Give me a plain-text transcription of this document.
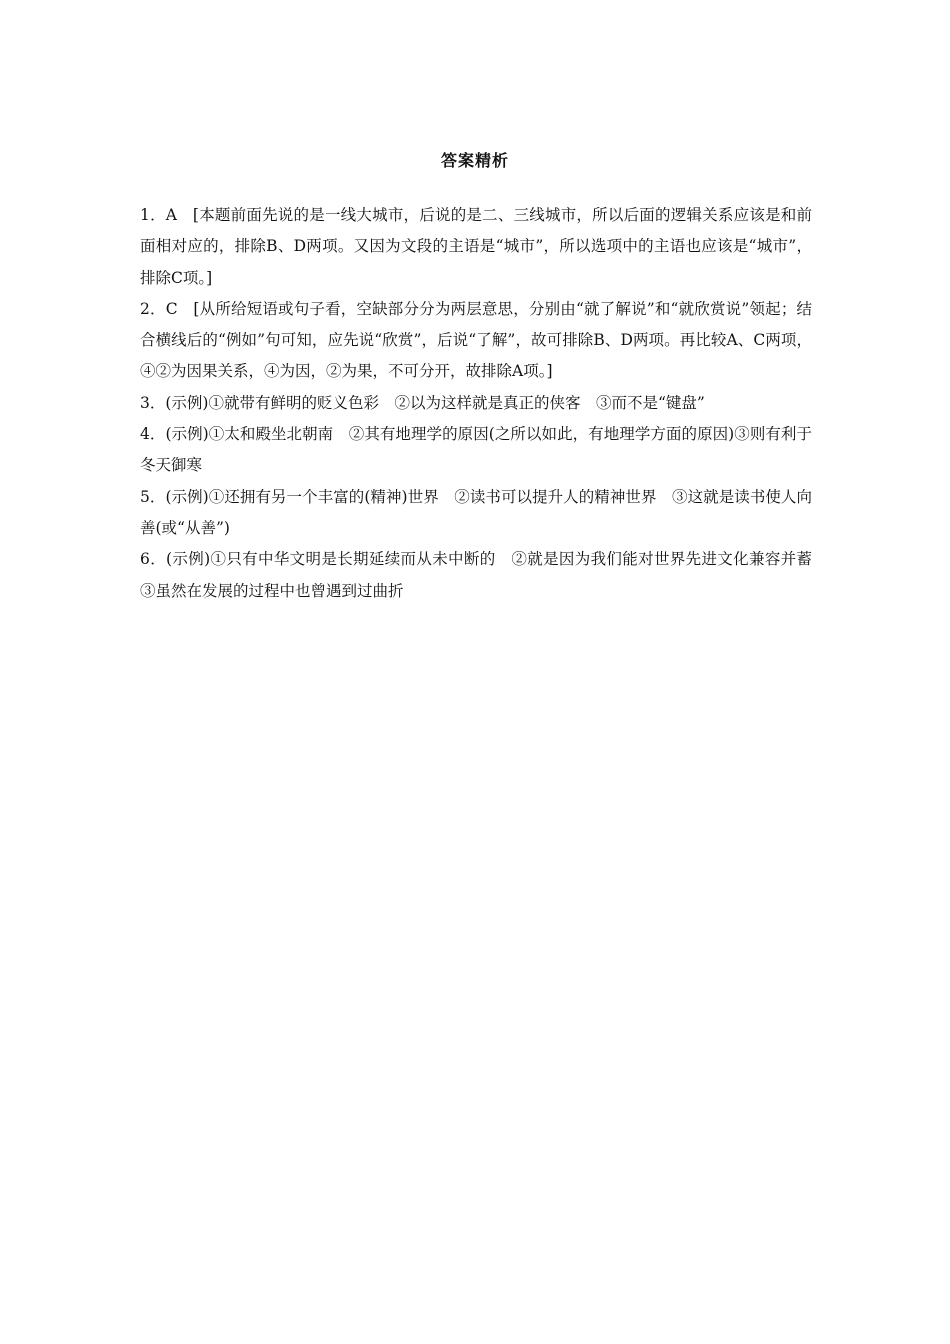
答案精析

1．A　[本题前面先说的是一线大城市，后说的是二、三线城市，所以后面的逻辑关系应该是和前面相对应的，排除B、D两项。又因为文段的主语是“城市”，所以选项中的主语也应该是“城市”，排除C项。]

2．C　[从所给短语或句子看，空缺部分分为两层意思，分别由“就了解说”和“就欣赏说”领起；结合横线后的“例如”句可知，应先说“欣赏”，后说“了解”，故可排除B、D两项。再比较A、C两项，④②为因果关系，④为因，②为果，不可分开，故排除A项。]

3．(示例)①就带有鲜明的贬义色彩　②以为这样就是真正的侠客　③而不是“键盘”

4．(示例)①太和殿坐北朝南　②其有地理学的原因(之所以如此，有地理学方面的原因)③则有利于冬天御寒

5．(示例)①还拥有另一个丰富的(精神)世界　②读书可以提升人的精神世界　③这就是读书使人向善(或“从善”)

6．(示例)①只有中华文明是长期延续而从未中断的　②就是因为我们能对世界先进文化兼容并蓄　③虽然在发展的过程中也曾遇到过曲折
